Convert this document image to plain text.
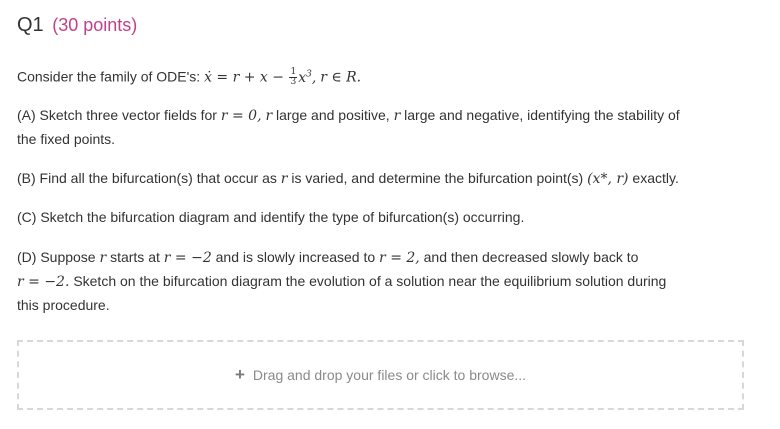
Q1 (30 points)
Consider the family of ODE's: ẋ = $r + x - \frac{1}{3} x^3$, r ∈ R.
(A) Sketch three vector fields for r = 0, r large and positive, r large and negative, identifying the stability of
the fixed points.
(B) Find all the bifurcation(s) that occur as r is varied, and determine the bifurcation point(s) (x*, r) exactly.
(C) Sketch the bifurcation diagram and identify the type of bifurcation(s) occurring.
(D) Suppose r starts at r = −2 and is slowly increased to r = 2, and then decreased slowly back to
r = −2. Sketch on the bifurcation diagram the evolution of a solution near the equilibrium solution during
this procedure.
+ Drag and drop your files or click to browse...
